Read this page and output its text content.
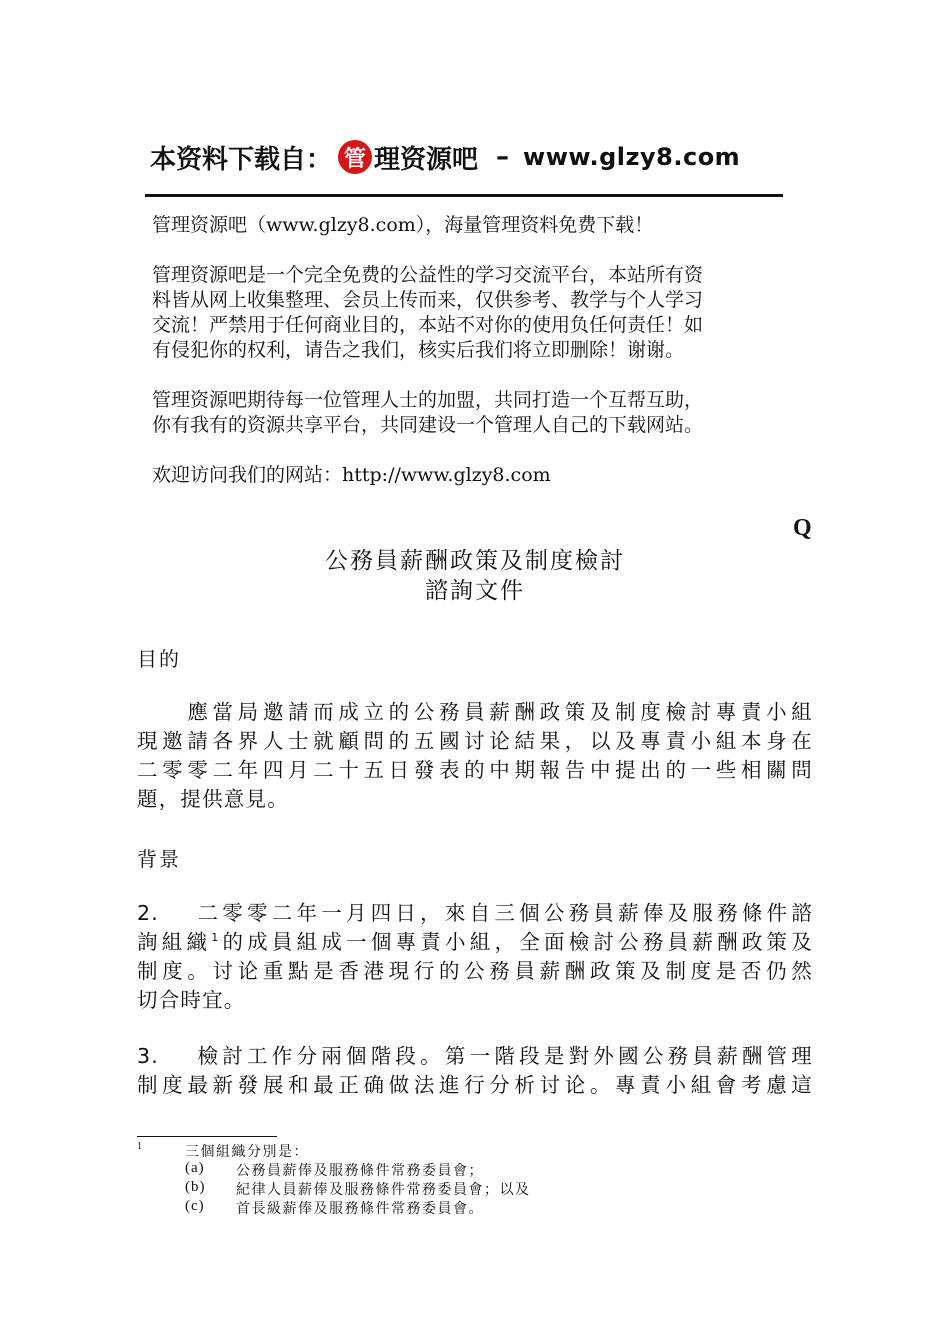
本资料下载自： 管 理资源吧 – www.glzy8.com
管理资源吧（www.glzy8.com），海量管理资料免费下载！
管理资源吧是一个完全免费的公益性的学习交流平台，本站所有资
料皆从网上收集整理、会员上传而来，仅供参考、教学与个人学习
交流！严禁用于任何商业目的，本站不对你的使用负任何责任！如
有侵犯你的权利，请告之我们，核实后我们将立即删除！谢谢。
管理资源吧期待每一位管理人士的加盟，共同打造一个互帮互助，
你有我有的资源共享平台，共同建设一个管理人自己的下载网站。
欢迎访问我们的网站：http://www.glzy8.com
Q
公務員薪酬政策及制度檢討
諮詢文件
目的
　　應當局邀請而成立的公務員薪酬政策及制度檢討專責小組
現邀請各界人士就顧問的五國讨论結果，以及專責小組本身在
二零零二年四月二十五日發表的中期報告中提出的一些相關問
題，提供意見。
背景
2.　 二零零二年一月四日，來自三個公務員薪俸及服務條件諮
詢組織$^1$的成員組成一個專責小組，全面檢討公務員薪酬政策及
制度。讨论重點是香港現行的公務員薪酬政策及制度是否仍然
切合時宜。
3.　 檢討工作分兩個階段。第一階段是對外國公務員薪酬管理
制度最新發展和最正确做法進行分析讨论。專責小組會考慮這
1	三個組織分別是：
(a) 公務員薪俸及服務條件常務委員會；
(b) 紀律人員薪俸及服務條件常務委員會；以及
(c) 首長級薪俸及服務條件常務委員會。
